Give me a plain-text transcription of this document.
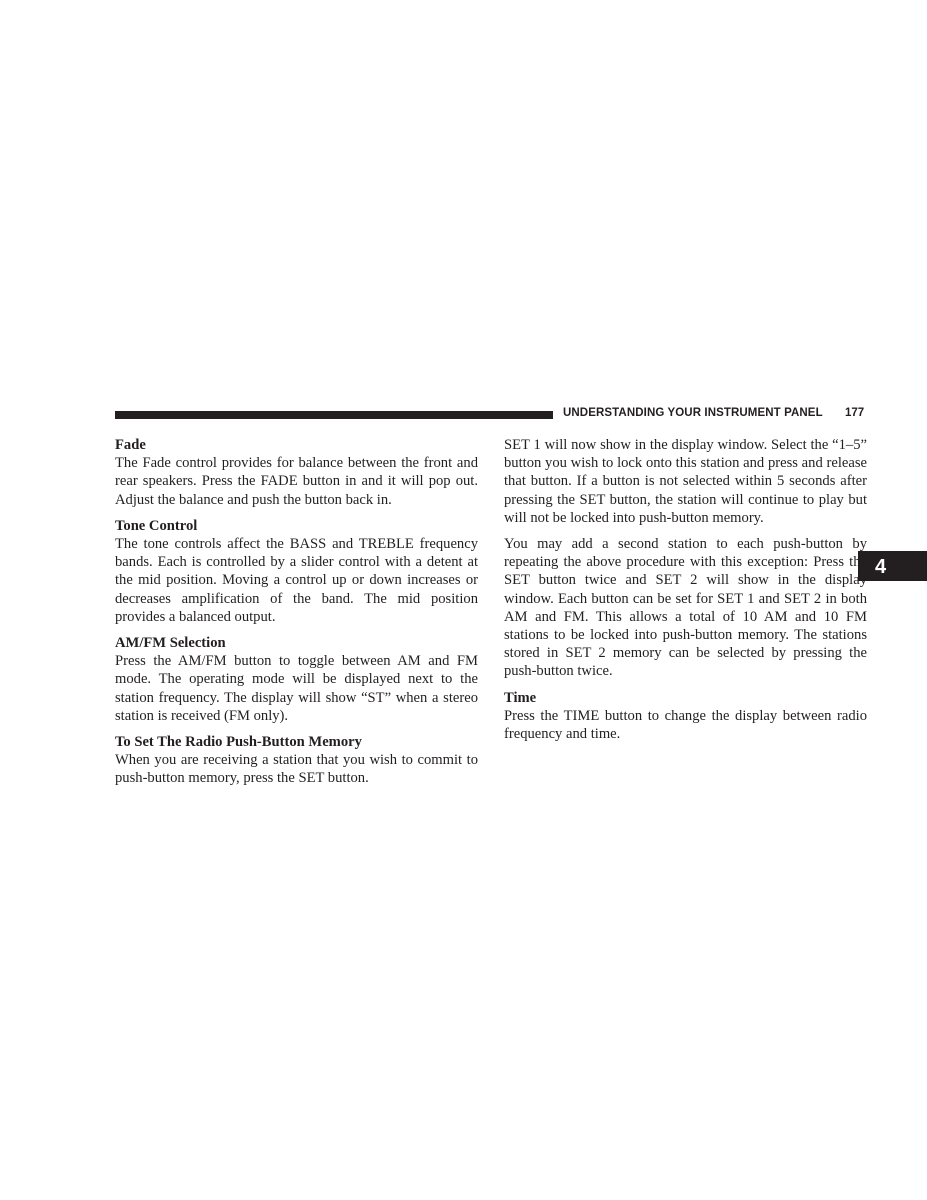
UNDERSTANDING YOUR INSTRUMENT PANEL 177
4
Fade

The Fade control provides for balance between the front and rear speakers. Press the FADE button in and it will pop out. Adjust the balance and push the button back in.

Tone Control

The tone controls affect the BASS and TREBLE frequency bands. Each is controlled by a slider control with a detent at the mid position. Moving a control up or down increases or decreases amplification of the band. The mid position provides a balanced output.

AM/FM Selection

Press the AM/FM button to toggle between AM and FM mode. The operating mode will be displayed next to the station frequency. The display will show “ST” when a stereo station is received (FM only).

To Set The Radio Push-Button Memory

When you are receiving a station that you wish to commit to push-button memory, press the SET button.

SET 1 will now show in the display window. Select the “1–5” button you wish to lock onto this station and press and release that button. If a button is not selected within 5 seconds after pressing the SET button, the station will continue to play but will not be locked into push-button memory.

You may add a second station to each push-button by repeating the above procedure with this exception: Press the SET button twice and SET 2 will show in the display window. Each button can be set for SET 1 and SET 2 in both AM and FM. This allows a total of 10 AM and 10 FM stations to be locked into push-button memory. The stations stored in SET 2 memory can be selected by pressing the push-button twice.

Time

Press the TIME button to change the display between radio frequency and time.
